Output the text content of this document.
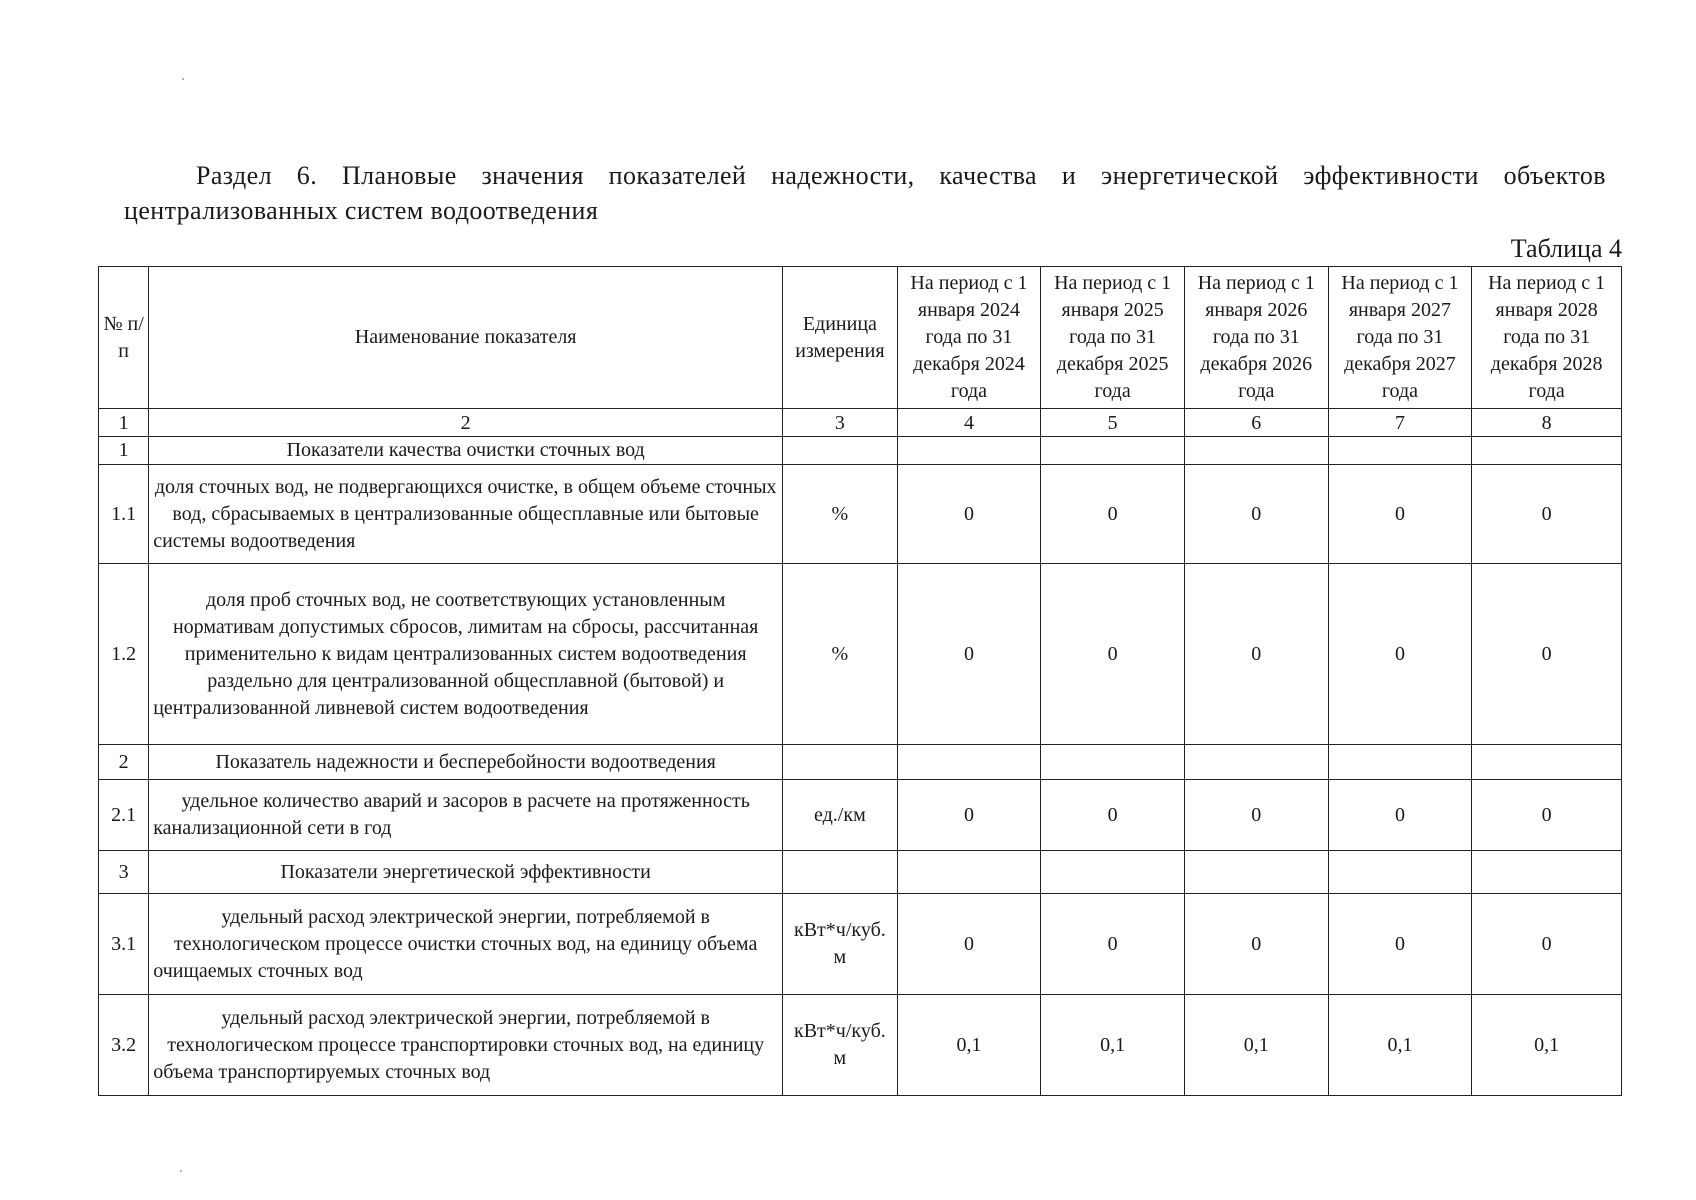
Раздел 6. Плановые значения показателей надежности, качества и энергетической эффективности объектов централизованных систем водоотведения
Таблица 4
№ п/п	Наименование показателя	Единица измерения	На период с 1 января 2024 года по 31 декабря 2024 года	На период с 1 января 2025 года по 31 декабря 2025 года	На период с 1 января 2026 года по 31 декабря 2026 года	На период с 1 января 2027 года по 31 декабря 2027 года	На период с 1 января 2028 года по 31 декабря 2028 года
1	2	3	4	5	6	7	8
1	Показатели качества очистки сточных вод						
1.1	доля сточных вод, не подвергающихся очистке, в общем объеме сточных вод, сбрасываемых в централизованные общесплавные или бытовые системы водоотведения	%	0	0	0	0	0
1.2	доля проб сточных вод, не соответствующих установленным нормативам допустимых сбросов, лимитам на сбросы, рассчитанная применительно к видам централизованных систем водоотведения раздельно для централизованной общесплавной (бытовой) и централизованной ливневой систем водоотведения	%	0	0	0	0	0
2	Показатель надежности и бесперебойности водоотведения						
2.1	удельное количество аварий и засоров в расчете на протяженность канализационной сети в год	ед./км	0	0	0	0	0
3	Показатели энергетической эффективности						
3.1	удельный расход электрической энергии, потребляемой в технологическом процессе очистки сточных вод, на единицу объема очищаемых сточных вод	кВт*ч/куб. м	0	0	0	0	0
3.2	удельный расход электрической энергии, потребляемой в технологическом процессе транспортировки сточных вод, на единицу объема транспортируемых сточных вод	кВт*ч/куб. м	0,1	0,1	0,1	0,1	0,1
